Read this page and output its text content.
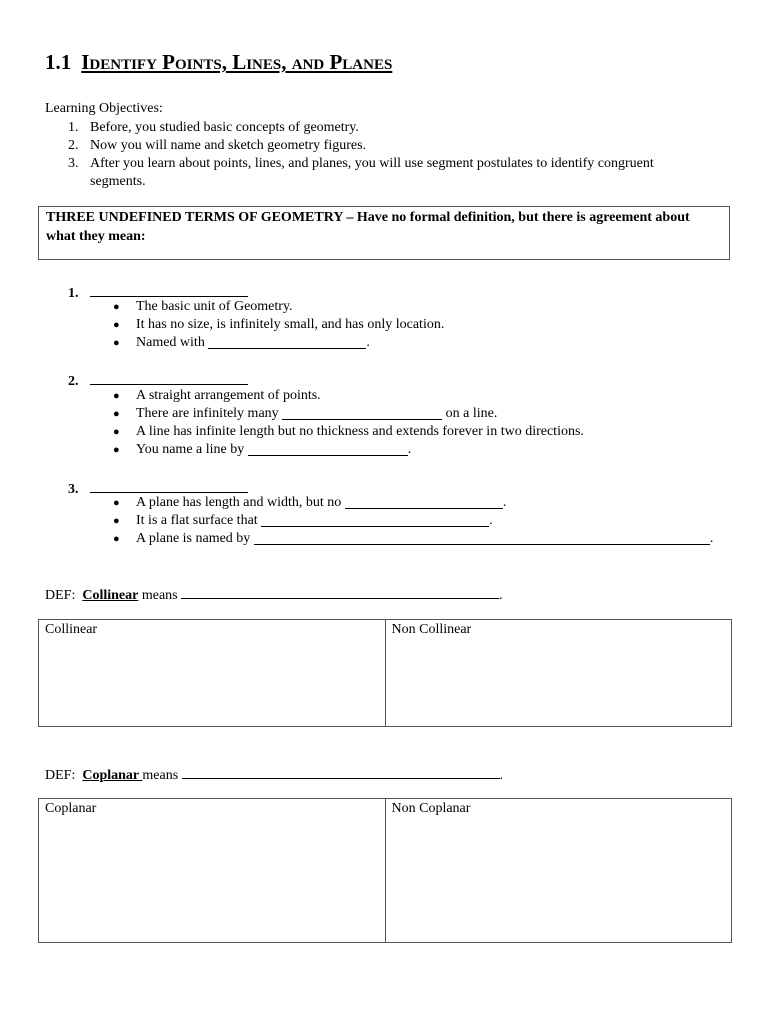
1.1 Identify Points, Lines, and Planes
Learning Objectives:
1. Before, you studied basic concepts of geometry.
2. Now you will name and sketch geometry figures.
3. After you learn about points, lines, and planes, you will use segment postulates to identify congruent segments.
THREE UNDEFINED TERMS OF GEOMETRY – Have no formal definition, but there is agreement about what they mean:
1.
●	The basic unit of Geometry.
●	It has no size, is infinitely small, and has only location.
●	Named with	.
2.
●	A straight arrangement of points.
●	There are infinitely many	on a line.
●	A line has infinite length but no thickness and extends forever in two directions.
●	You name a line by	.
3.
●	A plane has length and width, but no	.
●	It is a flat surface that	.
●	A plane is named by	.
DEF: Collinear means	.
Collinear	Non Collinear
DEF: Coplanar means	.
Coplanar	Non Coplanar
